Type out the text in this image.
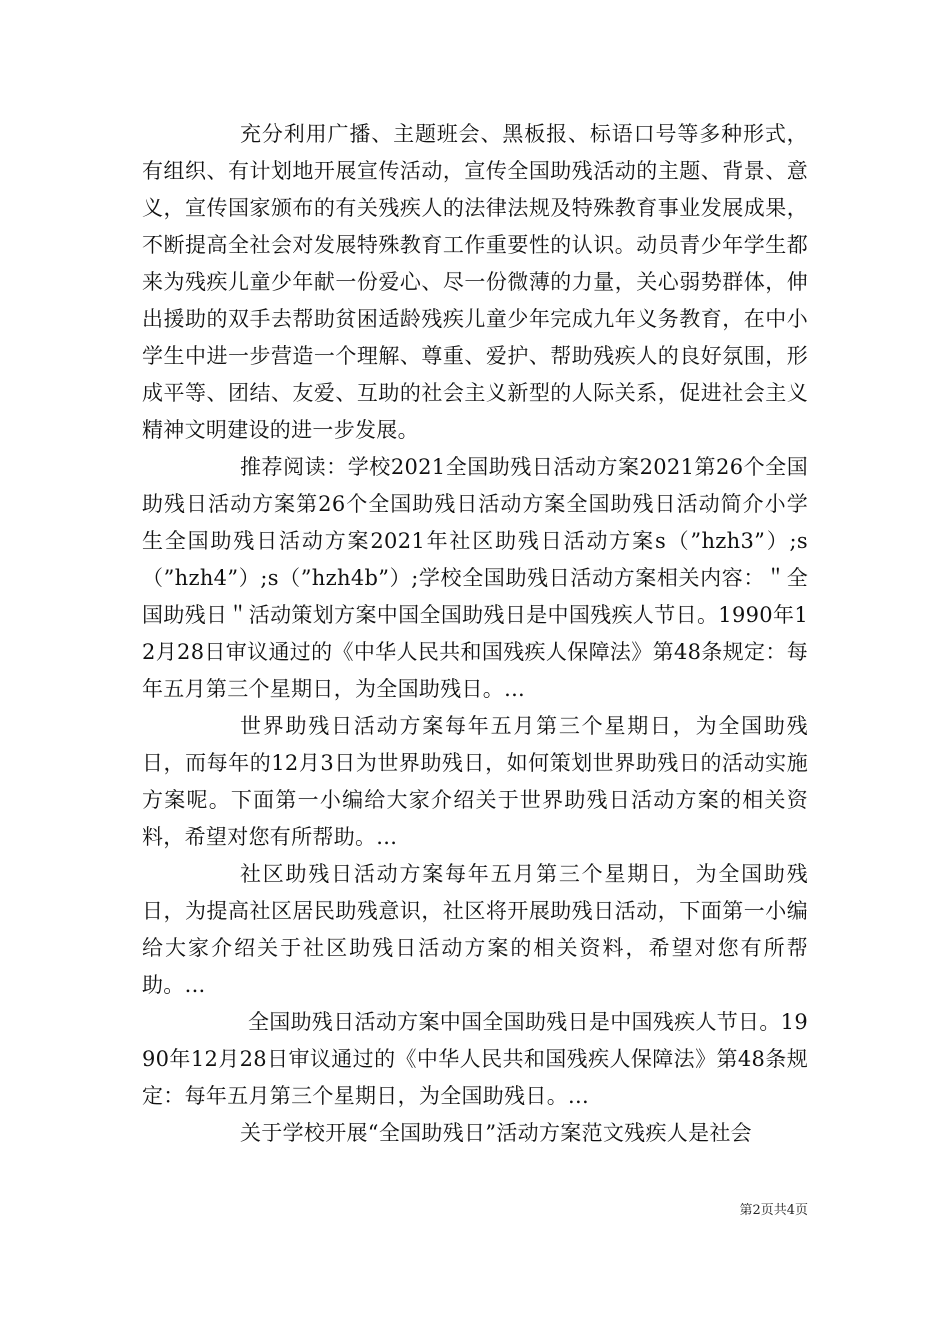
充分利用广播、主题班会、黑板报、标语口号等多种形式，有组织、有计划地开展宣传活动，宣传全国助残活动的主题、背景、意义，宣传国家颁布的有关残疾人的法律法规及特殊教育事业发展成果，不断提高全社会对发展特殊教育工作重要性的认识。动员青少年学生都来为残疾儿童少年献一份爱心、尽一份微薄的力量，关心弱势群体，伸出援助的双手去帮助贫困适龄残疾儿童少年完成九年义务教育，在中小学生中进一步营造一个理解、尊重、爱护、帮助残疾人的良好氛围，形成平等、团结、友爱、互助的社会主义新型的人际关系，促进社会主义精神文明建设的进一步发展。

推荐阅读：学校2021全国助残日活动方案2021第26个全国助残日活动方案第26个全国助残日活动方案全国助残日活动简介小学生全国助残日活动方案2021年社区助残日活动方案s（”hzh3”）;s（”hzh4”）;s（”hzh4b”）;学校全国助残日活动方案相关内容：＂全国助残日＂活动策划方案中国全国助残日是中国残疾人节日。1990年12月28日审议通过的《中华人民共和国残疾人保障法》第48条规定：每年五月第三个星期日，为全国助残日。...

世界助残日活动方案每年五月第三个星期日，为全国助残日，而每年的12月3日为世界助残日，如何策划世界助残日的活动实施方案呢。下面第一小编给大家介绍关于世界助残日活动方案的相关资料，希望对您有所帮助。...

社区助残日活动方案每年五月第三个星期日，为全国助残日，为提高社区居民助残意识，社区将开展助残日活动，下面第一小编给大家介绍关于社区助残日活动方案的相关资料，希望对您有所帮助。...

全国助残日活动方案中国全国助残日是中国残疾人节日。1990年12月28日审议通过的《中华人民共和国残疾人保障法》第48条规定：每年五月第三个星期日，为全国助残日。...

关于学校开展“全国助残日”活动方案范文残疾人是社会

第2页共4页
